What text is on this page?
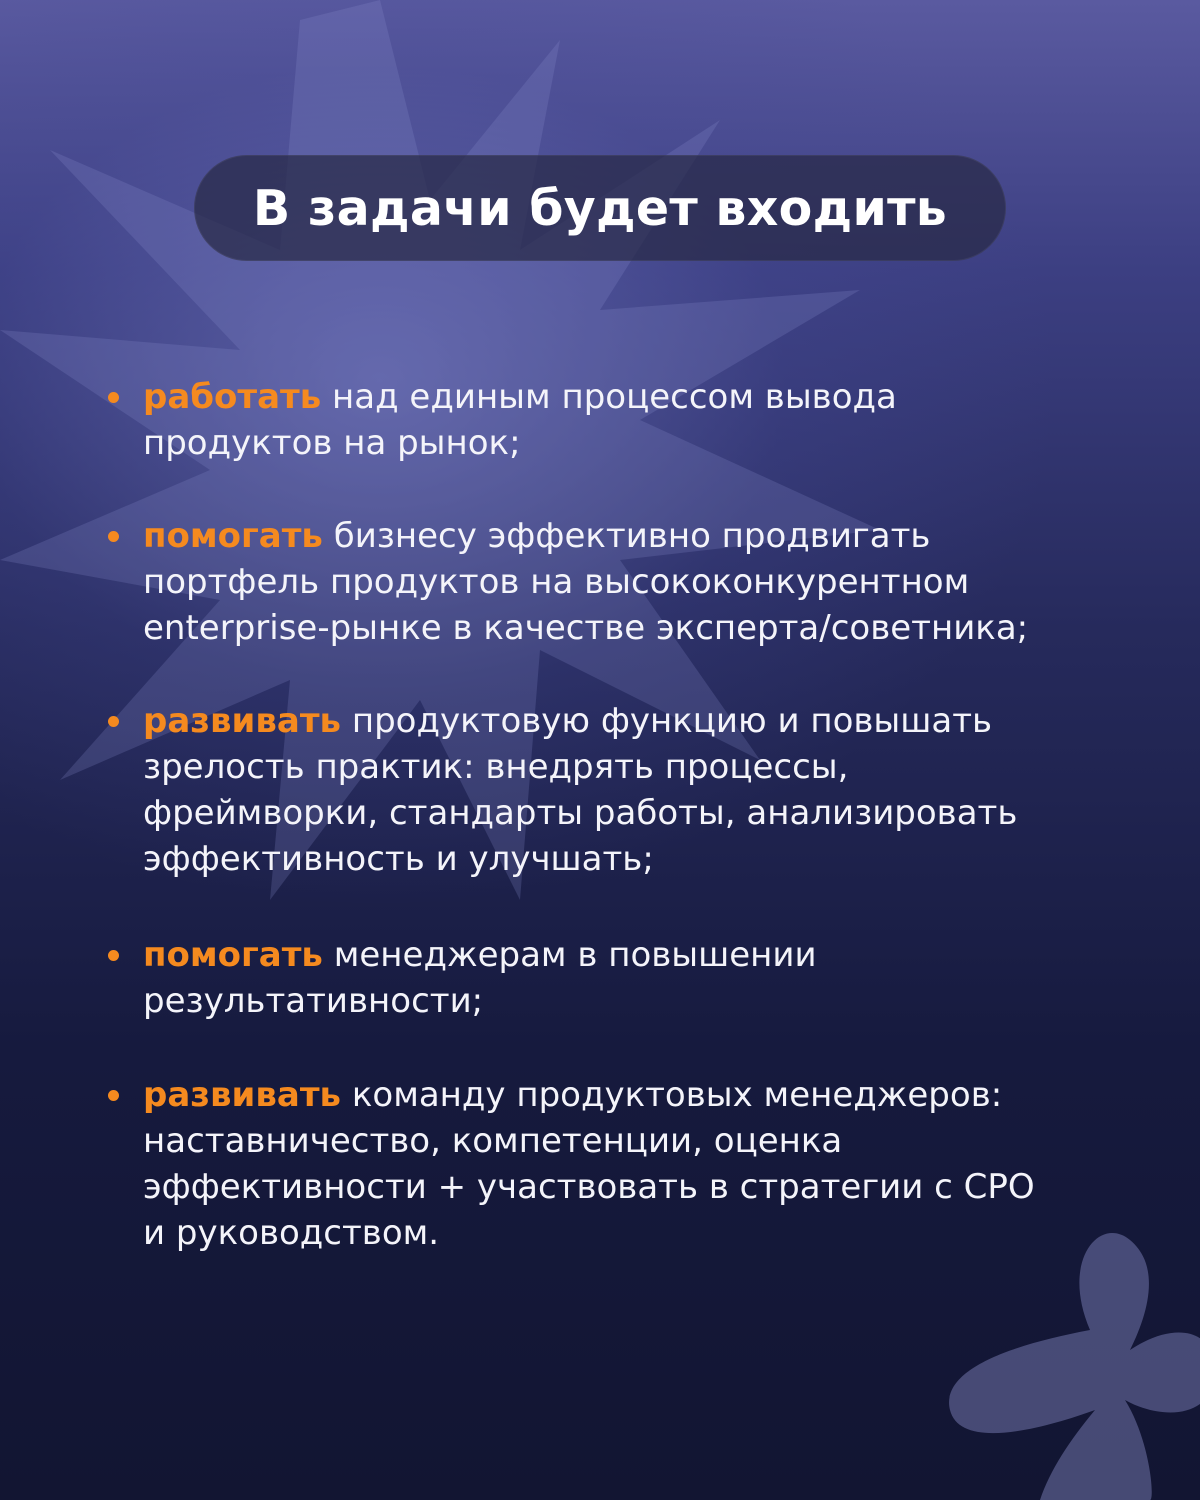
В задачи будет входить

работать над единым процессом вывода
продуктов на рынок;

помогать бизнесу эффективно продвигать
портфель продуктов на высококонкурентном
enterprise-рынке в качестве эксперта/советника;

развивать продуктовую функцию и повышать
зрелость практик: внедрять процессы,
фреймворки, стандарты работы, анализировать
эффективность и улучшать;

помогать менеджерам в повышении
результативности;

развивать команду продуктовых менеджеров:
наставничество, компетенции, оценка
эффективности + участвовать в стратегии с CPO
и руководством.
